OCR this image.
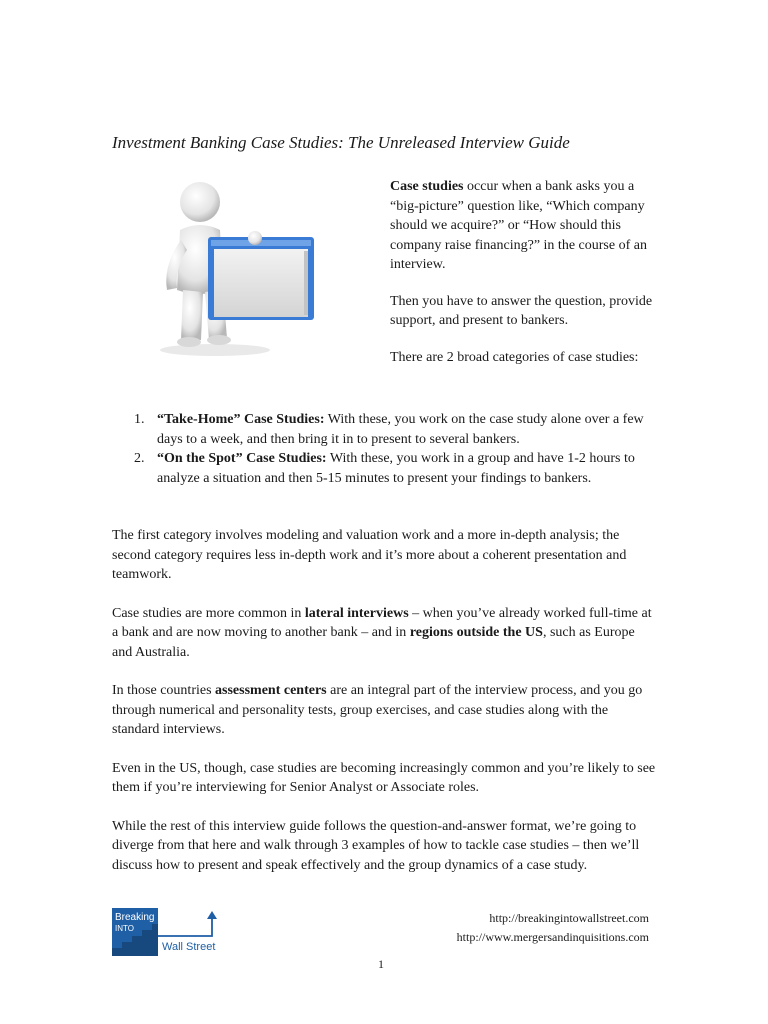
Investment Banking Case Studies: The Unreleased Interview Guide

Case studies occur when a bank asks you a “big-picture” question like, “Which company should we acquire?” or “How should this company raise financing?” in the course of an interview.

Then you have to answer the question, provide support, and present to bankers.

There are 2 broad categories of case studies:

1. “Take-Home” Case Studies: With these, you work on the case study alone over a few days to a week, and then bring it in to present to several bankers.
2. “On the Spot” Case Studies: With these, you work in a group and have 1-2 hours to analyze a situation and then 5-15 minutes to present your findings to bankers.

The first category involves modeling and valuation work and a more in-depth analysis; the second category requires less in-depth work and it’s more about a coherent presentation and teamwork.

Case studies are more common in lateral interviews – when you’ve already worked full-time at a bank and are now moving to another bank – and in regions outside the US, such as Europe and Australia.

In those countries assessment centers are an integral part of the interview process, and you go through numerical and personality tests, group exercises, and case studies along with the standard interviews.

Even in the US, though, case studies are becoming increasingly common and you’re likely to see them if you’re interviewing for Senior Analyst or Associate roles.

While the rest of this interview guide follows the question-and-answer format, we’re going to diverge from that here and walk through 3 examples of how to tackle case studies – then we’ll discuss how to present and speak effectively and the group dynamics of a case study.

Breaking
INTO
Wall Street
http://breakingintowallstreet.com
http://www.mergersandinquisitions.com
1
